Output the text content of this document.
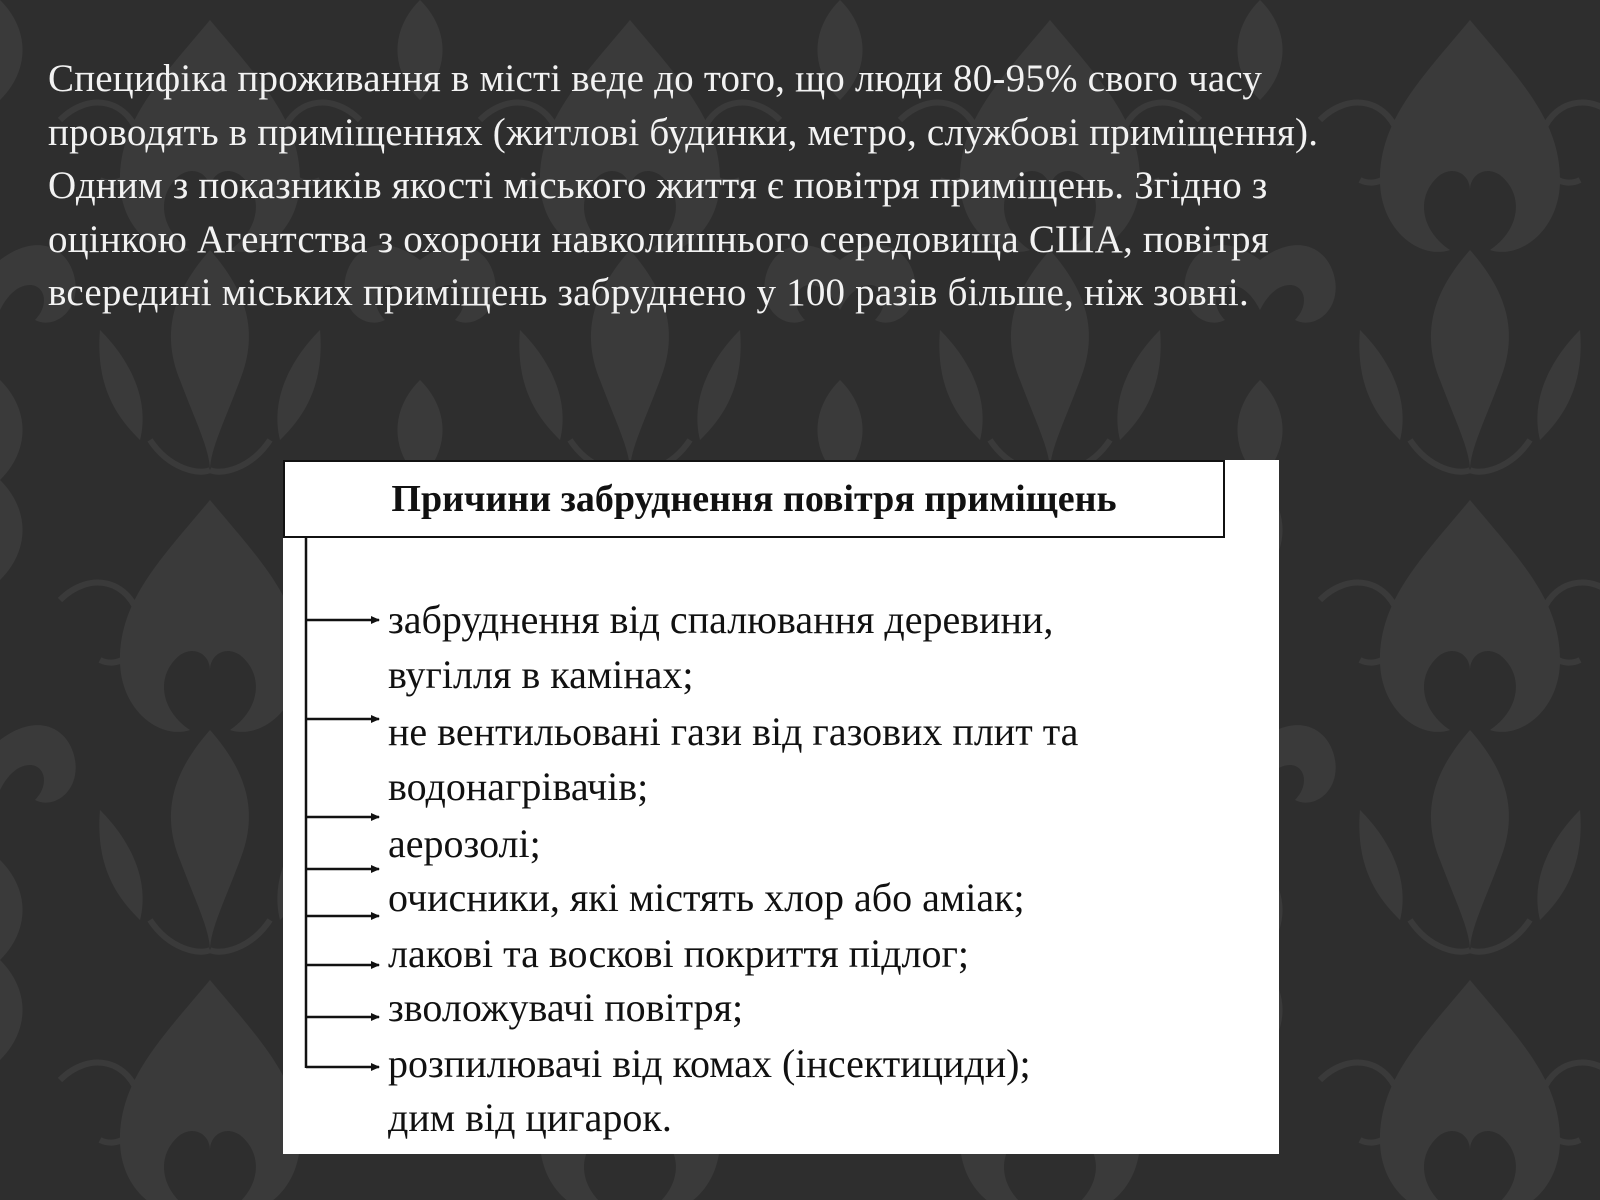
Специфіка проживання в місті веде до того, що люди 80-95% свого часу проводять в приміщеннях (житлові будинки, метро, службові приміщення). Одним з показників якості міського життя є повітря приміщень. Згідно з оцінкою Агентства з охорони навколишнього середовища США, повітря всередині міських приміщень забруднено у 100 разів більше, ніж зовні.

Причини забруднення повітря приміщень

забруднення від спалювання деревини,

вугілля в камінах;

не вентильовані гази від газових плит та

водонагрівачів;

аерозолі;

очисники, які містять хлор або аміак;

лакові та воскові покриття підлог;

зволожувачі повітря;

розпилювачі від комах (інсектициди);

дим від цигарок.
